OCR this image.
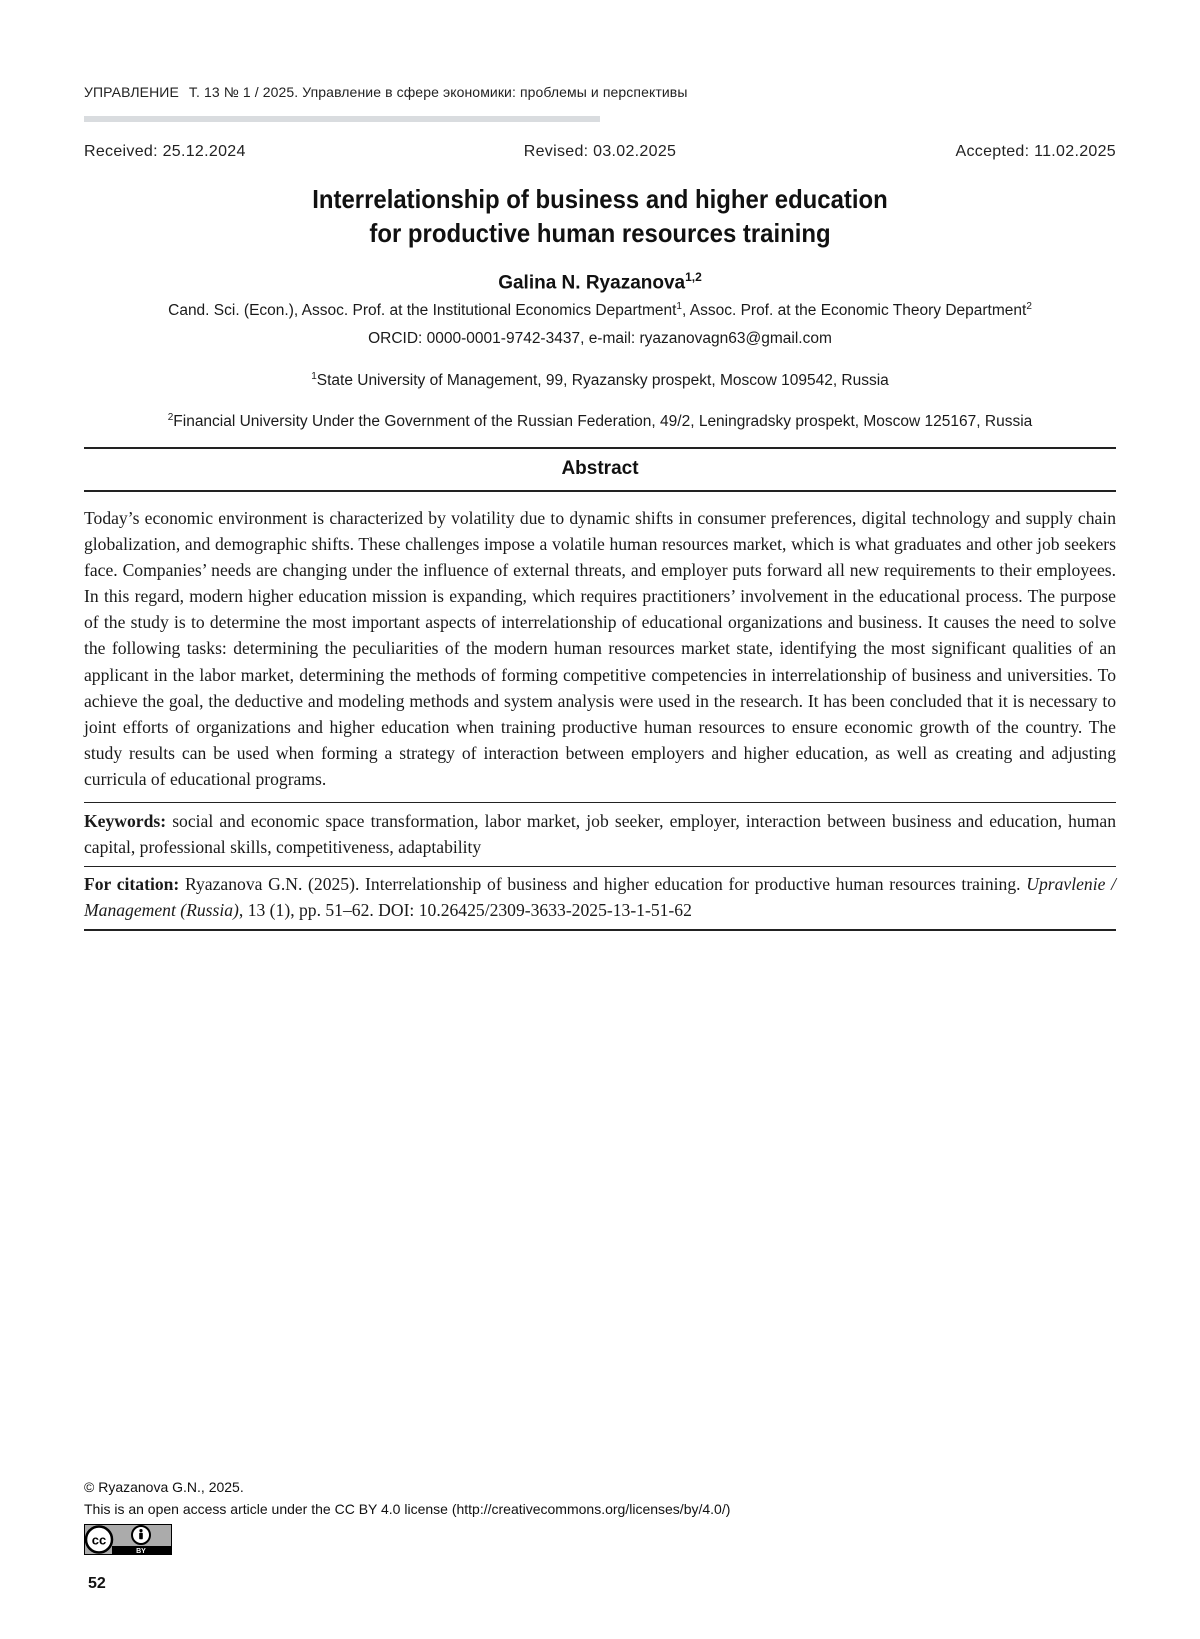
УПРАВЛЕНИЕ Т. 13 № 1 / 2025. Управление в сфере экономики: проблемы и перспективы
Received: 25.12.2024	Revised: 03.02.2025	Accepted: 11.02.2025
Interrelationship of business and higher education
for productive human resources training
Galina N. Ryazanova$^{1,2}$
Cand. Sci. (Econ.), Assoc. Prof. at the Institutional Economics Department$^1$, Assoc. Prof. at the Economic Theory Department$^2$
ORCID: 0000-0001-9742-3437, e-mail: ryazanovagn63@gmail.com
$^1$State University of Management, 99, Ryazansky prospekt, Moscow 109542, Russia
$^2$Financial University Under the Government of the Russian Federation, 49/2, Leningradsky prospekt, Moscow 125167, Russia
Abstract
Today’s economic environment is characterized by volatility due to dynamic shifts in consumer preferences, digital technology and supply chain globalization, and demographic shifts. These challenges impose a volatile human resources market, which is what graduates and other job seekers face. Companies’ needs are changing under the influence of external threats, and employer puts forward all new requirements to their employees. In this regard, modern higher education mission is expanding, which requires practitioners’ involvement in the educational process. The purpose of the study is to determine the most important aspects of interrelationship of educational organizations and business. It causes the need to solve the following tasks: determining the peculiarities of the modern human resources market state, identifying the most significant qualities of an applicant in the labor market, determining the methods of forming competitive competencies in interrelationship of business and universities. To achieve the goal, the deductive and modeling methods and system analysis were used in the research. It has been concluded that it is necessary to joint efforts of organizations and higher education when training productive human resources to ensure economic growth of the country. The study results can be used when forming a strategy of interaction between employers and higher education, as well as creating and adjusting curricula of educational programs.
Keywords: social and economic space transformation, labor market, job seeker, employer, interaction between business and education, human capital, professional skills, competitiveness, adaptability
For citation: Ryazanova G.N. (2025). Interrelationship of business and higher education for productive human resources training. Upravlenie / Management (Russia), 13 (1), pp. 51–62. DOI: 10.26425/2309-3633-2025-13-1-51-62
© Ryazanova G.N., 2025.
This is an open access article under the CC BY 4.0 license (http://creativecommons.org/licenses/by/4.0/)
cc
BY
52
